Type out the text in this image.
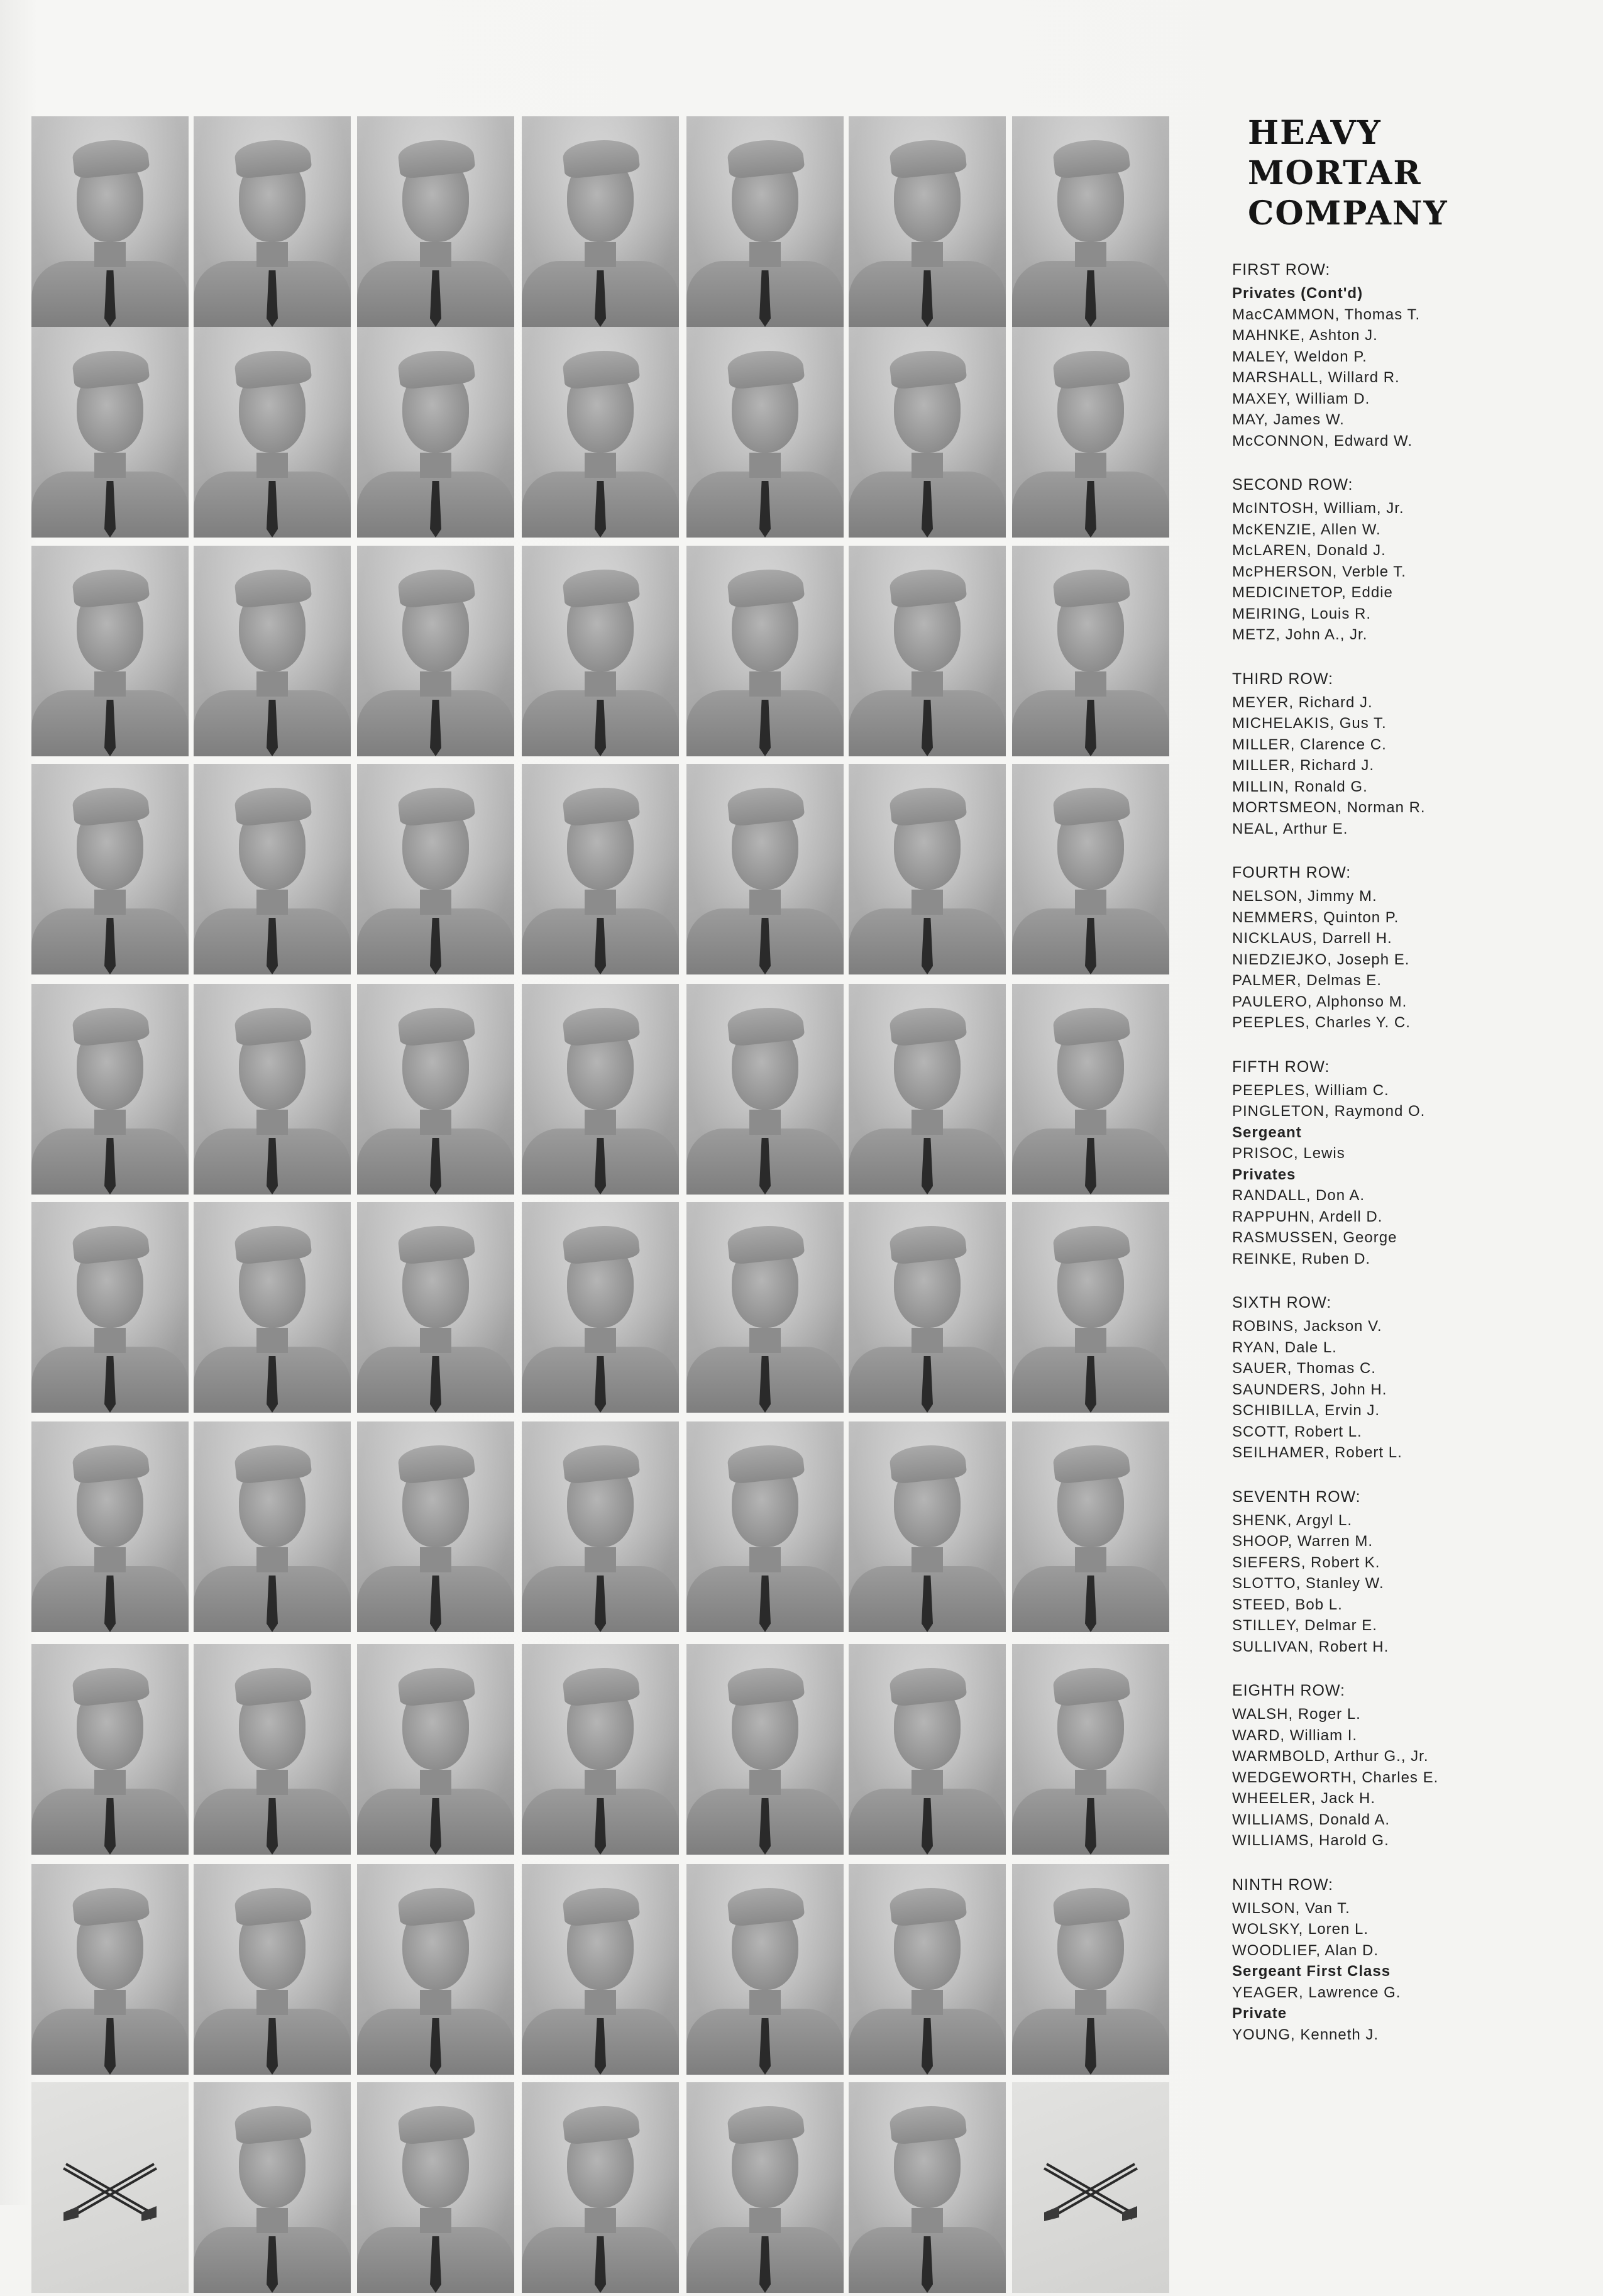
HEAVY
MORTAR
COMPANY
FIRST ROW:
Privates (Cont'd)
MacCAMMON, Thomas T.
MAHNKE, Ashton J.
MALEY, Weldon P.
MARSHALL, Willard R.
MAXEY, William D.
MAY, James W.
McCONNON, Edward W.
SECOND ROW:
McINTOSH, William, Jr.
McKENZIE, Allen W.
McLAREN, Donald J.
McPHERSON, Verble T.
MEDICINETOP, Eddie
MEIRING, Louis R.
METZ, John A., Jr.
THIRD ROW:
MEYER, Richard J.
MICHELAKIS, Gus T.
MILLER, Clarence C.
MILLER, Richard J.
MILLIN, Ronald G.
MORTSMEON, Norman R.
NEAL, Arthur E.
FOURTH ROW:
NELSON, Jimmy M.
NEMMERS, Quinton P.
NICKLAUS, Darrell H.
NIEDZIEJKO, Joseph E.
PALMER, Delmas E.
PAULERO, Alphonso M.
PEEPLES, Charles Y. C.
FIFTH ROW:
PEEPLES, William C.
PINGLETON, Raymond O.
Sergeant
PRISOC, Lewis
Privates
RANDALL, Don A.
RAPPUHN, Ardell D.
RASMUSSEN, George
REINKE, Ruben D.
SIXTH ROW:
ROBINS, Jackson V.
RYAN, Dale L.
SAUER, Thomas C.
SAUNDERS, John H.
SCHIBILLA, Ervin J.
SCOTT, Robert L.
SEILHAMER, Robert L.
SEVENTH ROW:
SHENK, Argyl L.
SHOOP, Warren M.
SIEFERS, Robert K.
SLOTTO, Stanley W.
STEED, Bob L.
STILLEY, Delmar E.
SULLIVAN, Robert H.
EIGHTH ROW:
WALSH, Roger L.
WARD, William I.
WARMBOLD, Arthur G., Jr.
WEDGEWORTH, Charles E.
WHEELER, Jack H.
WILLIAMS, Donald A.
WILLIAMS, Harold G.
NINTH ROW:
WILSON, Van T.
WOLSKY, Loren L.
WOODLIEF, Alan D.
Sergeant First Class
YEAGER, Lawrence G.
Private
YOUNG, Kenneth J.
